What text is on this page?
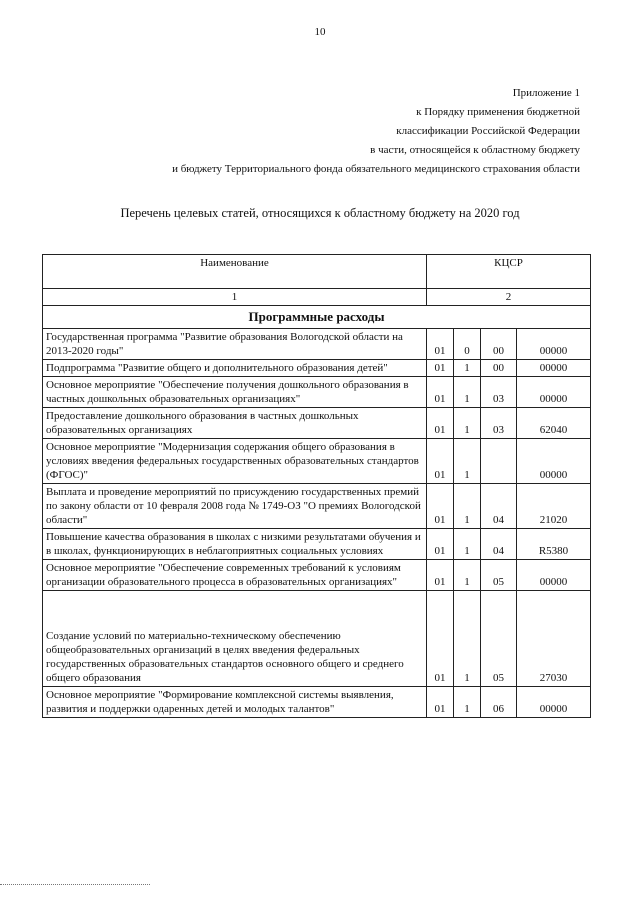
10
Приложение 1
к Порядку применения бюджетной
классификации Российской Федерации
в части, относящейся к областному бюджету
и бюджету Территориального фонда обязательного медицинского страхования области
Перечень целевых статей, относящихся к областному бюджету на 2020 год
Наименование	КЦСР			
1	2			
Программные расходы				
Государственная программа "Развитие образования Вологодской области на 2013-2020 годы"	01	0	00	00000
Подпрограмма "Развитие общего и дополнительного образования детей"	01	1	00	00000
Основное мероприятие "Обеспечение получения дошкольного образования в частных дошкольных образовательных организациях"	01	1	03	00000
Предоставление дошкольного образования в частных дошкольных образовательных организациях	01	1	03	62040
Основное мероприятие "Модернизация содержания общего образования в условиях введения федеральных государственных образовательных стандартов (ФГОС)"	01	1		00000
Выплата и проведение мероприятий по присуждению государственных премий по закону области от 10 февраля 2008 года № 1749-ОЗ "О премиях Вологодской области"	01	1	04	21020
Повышение качества образования в школах с низкими результатами обучения и в школах, функционирующих в неблагоприятных социальных условиях	01	1	04	R5380
Основное мероприятие "Обеспечение современных требований к условиям организации образовательного процесса в образовательных организациях"	01	1	05	00000
Создание условий по материально-техническому обеспечению общеобразовательных организаций в целях введения федеральных государственных образовательных стандартов основного общего и среднего общего образования	01	1	05	27030
Основное мероприятие "Формирование комплексной системы выявления, развития и поддержки одаренных детей и молодых талантов"	01	1	06	00000
